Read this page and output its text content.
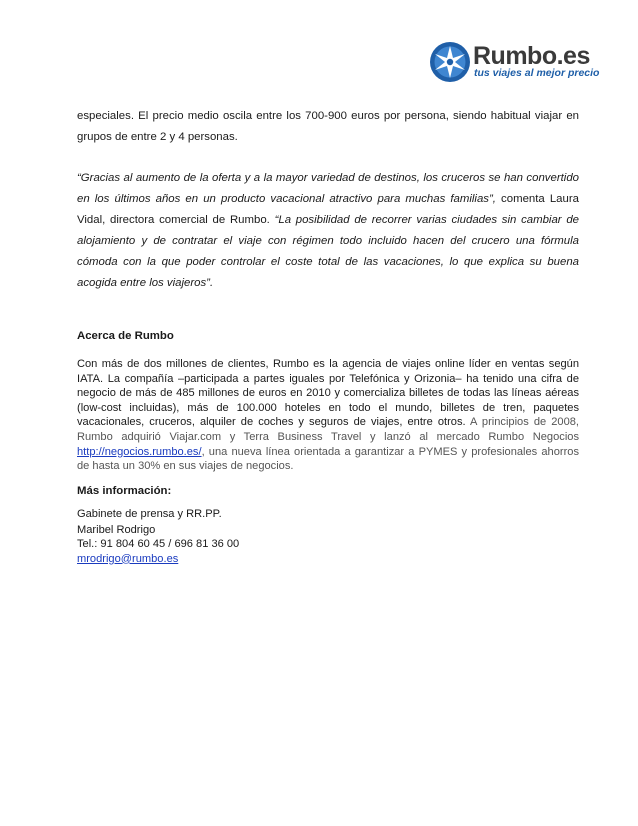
Rumbo.es
tus viajes al mejor precio

especiales. El precio medio oscila entre los 700-900 euros por persona, siendo habitual viajar en grupos de entre 2 y 4 personas.

“Gracias al aumento de la oferta y a la mayor variedad de destinos, los cruceros se han convertido en los últimos años en un producto vacacional atractivo para muchas familias”, comenta Laura Vidal, directora comercial de Rumbo. “La posibilidad de recorrer varias ciudades sin cambiar de alojamiento y de contratar el viaje con régimen todo incluido hacen del crucero una fórmula cómoda con la que poder controlar el coste total de las vacaciones, lo que explica su buena acogida entre los viajeros”.

Acerca de Rumbo

Con más de dos millones de clientes, Rumbo es la agencia de viajes online líder en ventas según IATA. La compañía –participada a partes iguales por Telefónica y Orizonia– ha tenido una cifra de negocio de más de 485 millones de euros en 2010 y comercializa billetes de todas las líneas aéreas (low-cost incluidas), más de 100.000 hoteles en todo el mundo, billetes de tren, paquetes vacacionales, cruceros, alquiler de coches y seguros de viajes, entre otros. A principios de 2008, Rumbo adquirió Viajar.com y Terra Business Travel y lanzó al mercado Rumbo Negocios http://negocios.rumbo.es/, una nueva línea orientada a garantizar a PYMES y profesionales ahorros de hasta un 30% en sus viajes de negocios.

Más información:

Gabinete de prensa y RR.PP.
Maribel Rodrigo
Tel.: 91 804 60 45 / 696 81 36 00
mrodrigo@rumbo.es
